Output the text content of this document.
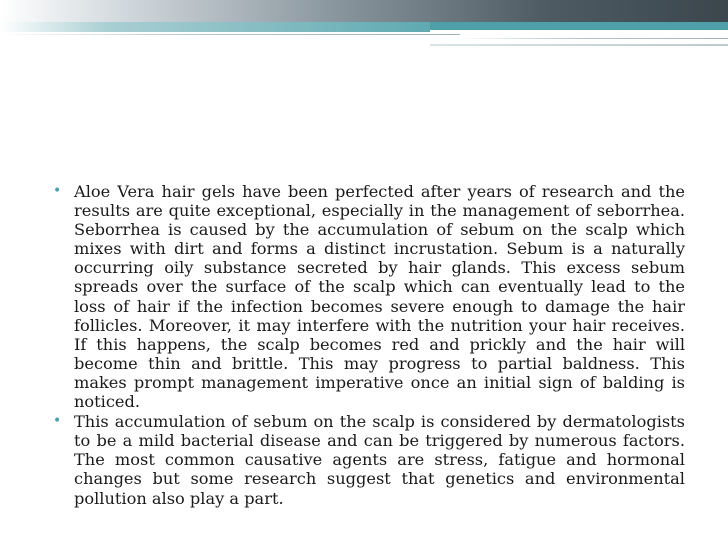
• Aloe Vera hair gels have been perfected after years of research and the results are quite exceptional, especially in the management of seborrhea. Seborrhea is caused by the accumulation of sebum on the scalp which mixes with dirt and forms a distinct incrustation. Sebum is a naturally occurring oily substance secreted by hair glands. This excess sebum spreads over the surface of the scalp which can eventually lead to the loss of hair if the infection becomes severe enough to damage the hair follicles. Moreover, it may interfere with the nutrition your hair receives. If this happens, the scalp becomes red and prickly and the hair will become thin and brittle. This may progress to partial baldness. This makes prompt management imperative once an initial sign of balding is noticed.
• This accumulation of sebum on the scalp is considered by dermatologists to be a mild bacterial disease and can be triggered by numerous factors. The most common causative agents are stress, fatigue and hormonal changes but some research suggest that genetics and environmental pollution also play a part.
